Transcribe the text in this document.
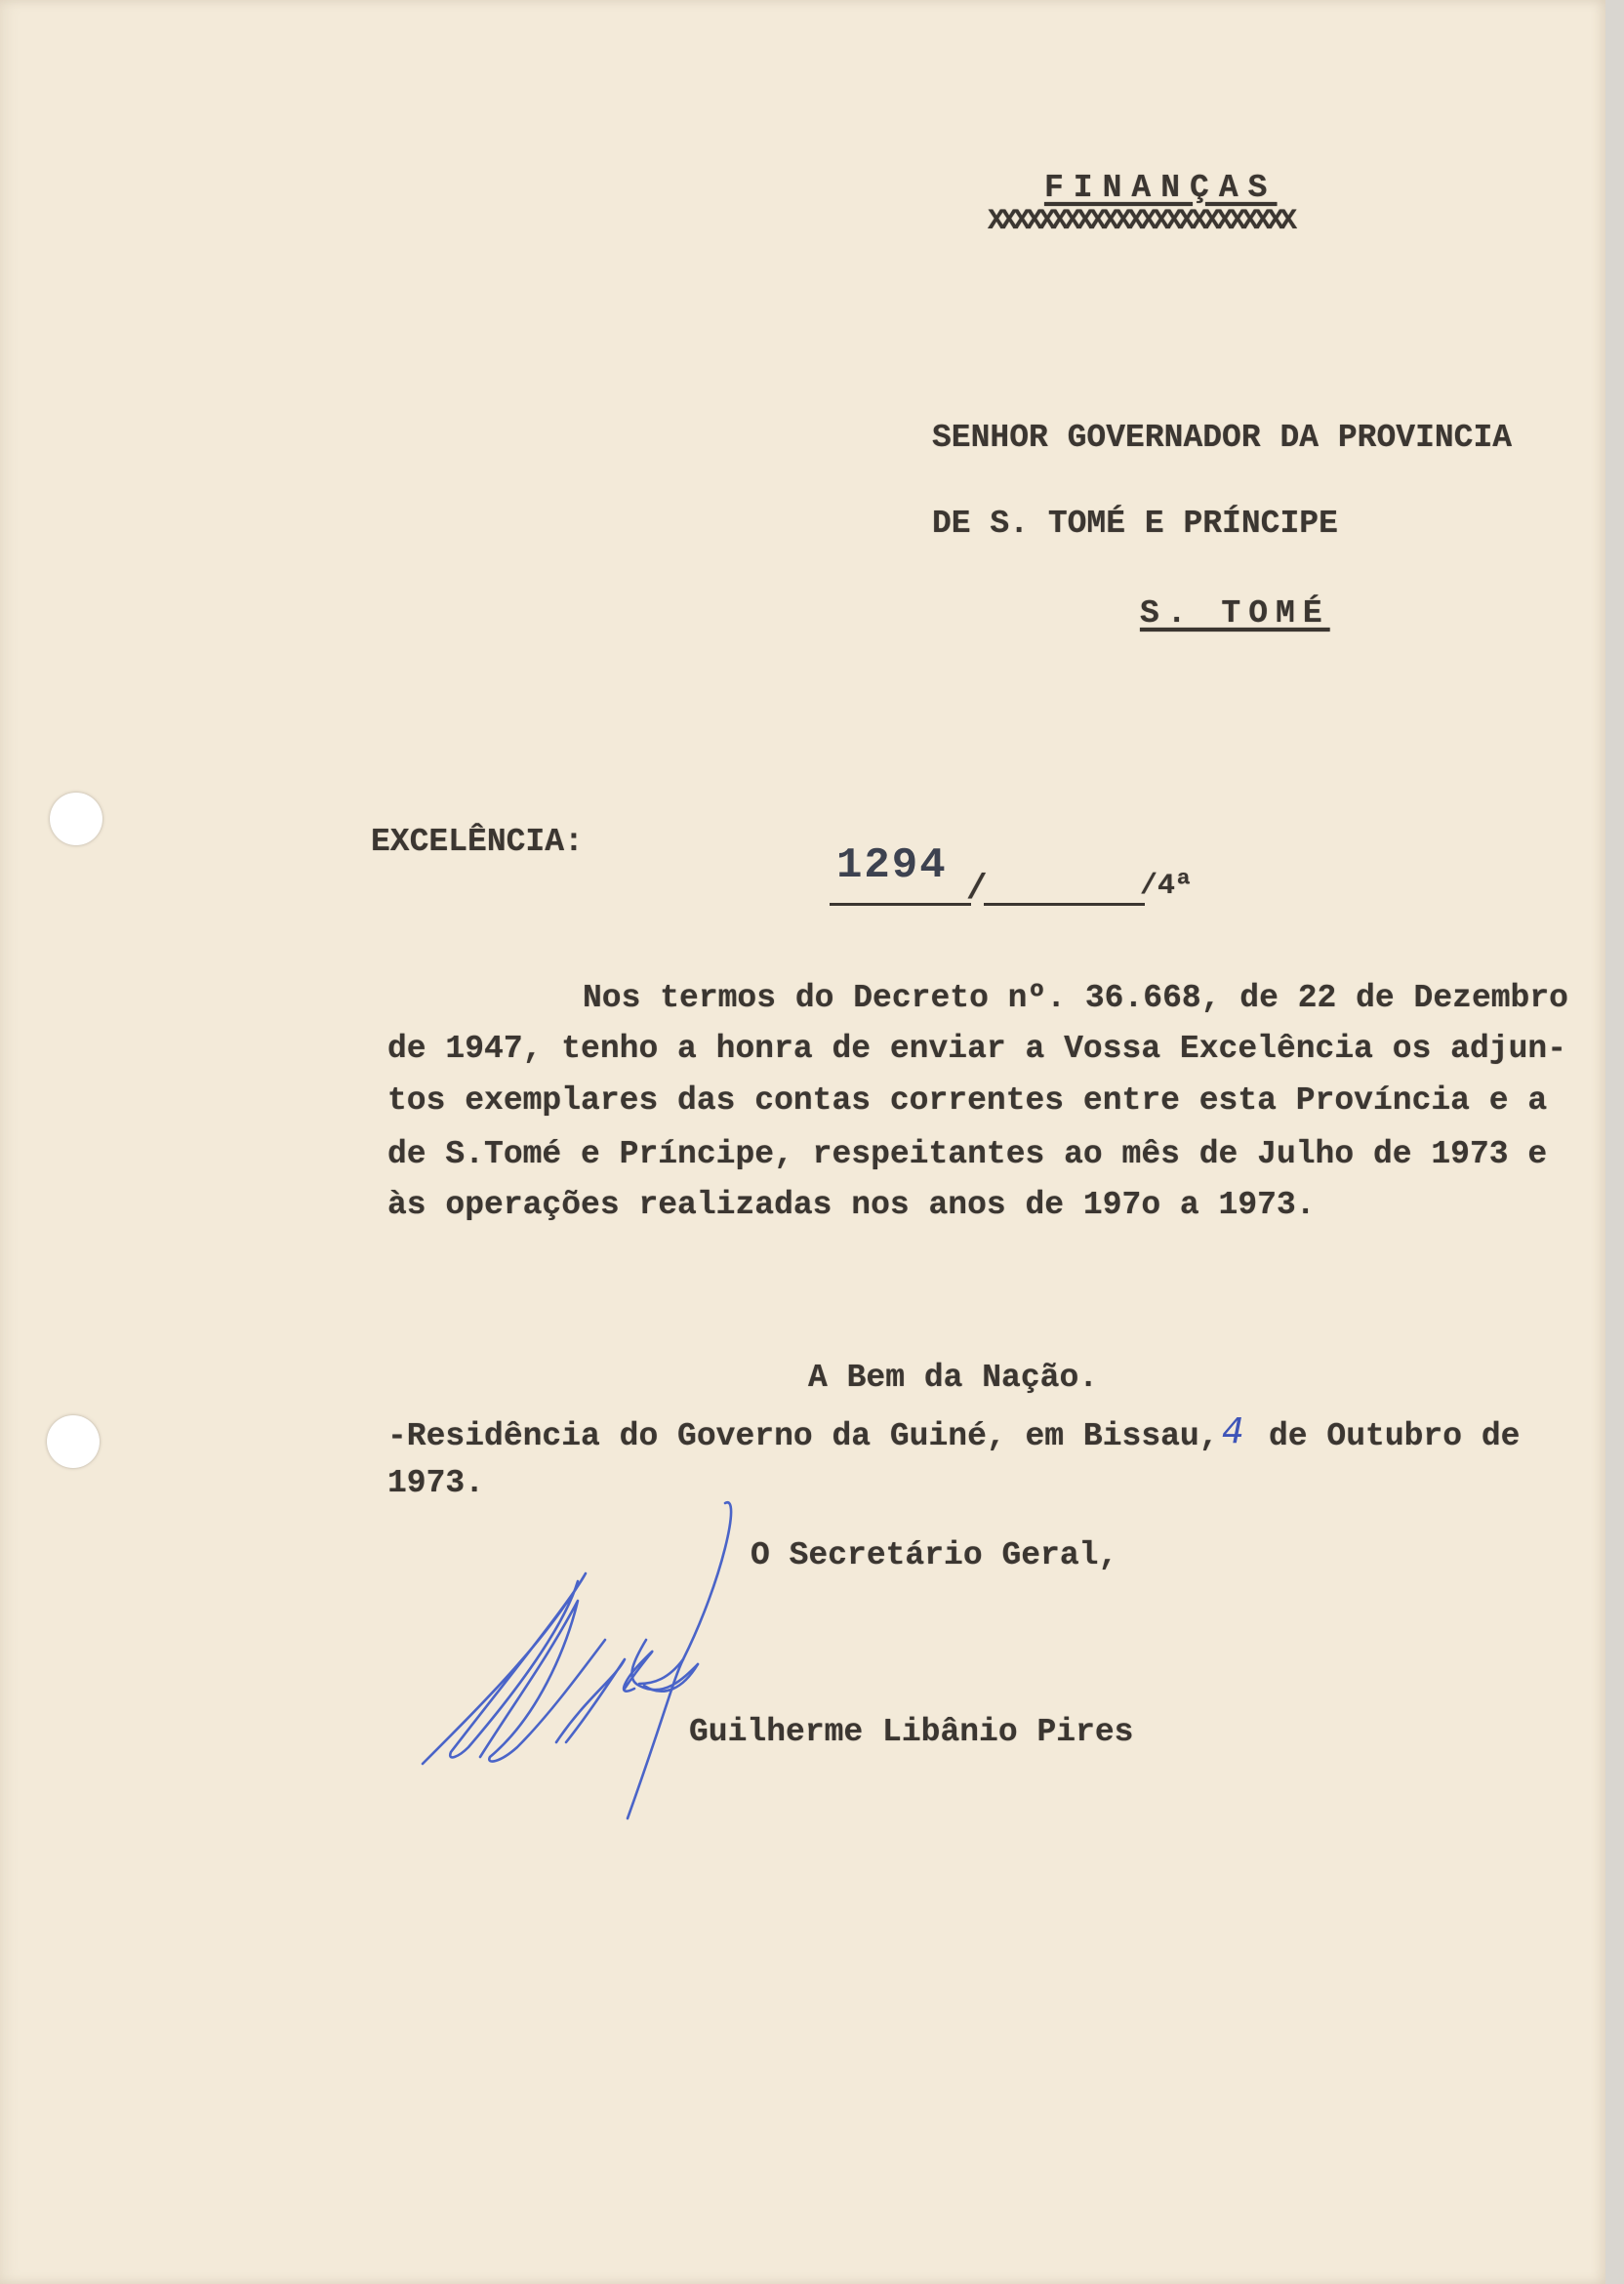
FINANÇAS
XXXXXXXXXXXXXXXXXXXXXXXX
SENHOR GOVERNADOR DA PROVINCIA
DE S. TOMÉ E PRÍNCIPE
S. TOMÉ
EXCELÊNCIA:	1294 /	/4ª
Nos termos do Decreto nº. 36.668, de 22 de Dezembro
de 1947, tenho a honra de enviar a Vossa Excelência os adjun-
tos exemplares das contas correntes entre esta Província e a
de S.Tomé e Príncipe, respeitantes ao mês de Julho de 1973 e
às operações realizadas nos anos de 197o a 1973.
A Bem da Nação.
-Residência do Governo da Guiné, em Bissau, 4 de Outubro de
1973.
O Secretário Geral,
Guilherme Libânio Pires
